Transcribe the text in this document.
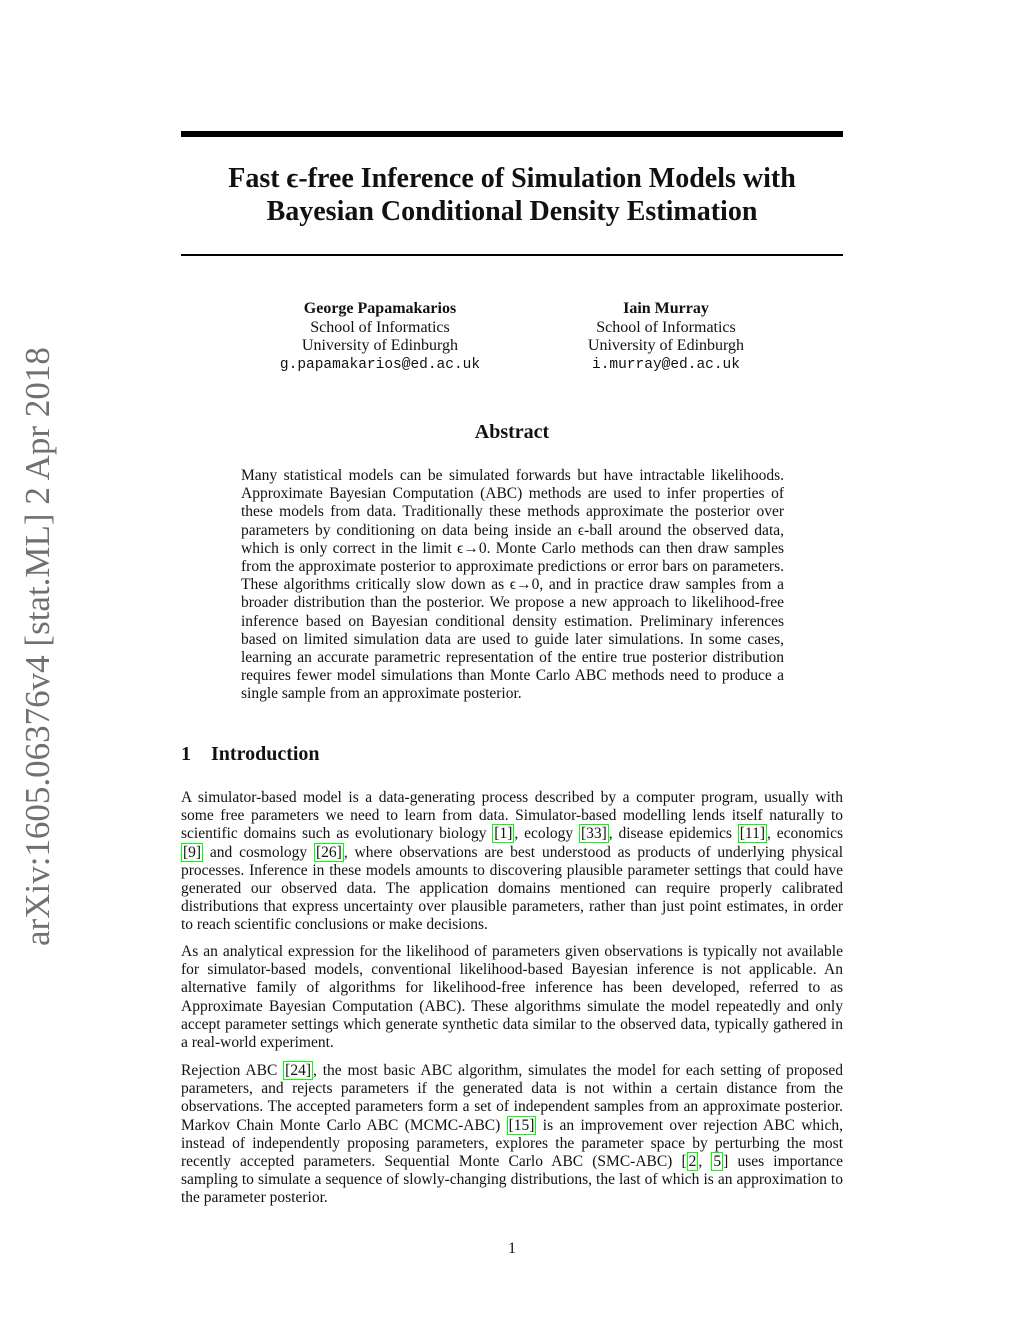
arXiv:1605.06376v4 [stat.ML] 2 Apr 2018
Fast ϵ-free Inference of Simulation Models with
Bayesian Conditional Density Estimation
George Papamakarios
School of Informatics
University of Edinburgh
g.papamakarios@ed.ac.uk
Iain Murray
School of Informatics
University of Edinburgh
i.murray@ed.ac.uk
Abstract

Many statistical models can be simulated forwards but have intractable likelihoods. Approximate Bayesian Computation (ABC) methods are used to infer properties of these models from data. Traditionally these methods approximate the posterior over parameters by conditioning on data being inside an ϵ-ball around the observed data, which is only correct in the limit ϵ→0. Monte Carlo methods can then draw samples from the approximate posterior to approximate predictions or error bars on parameters. These algorithms critically slow down as ϵ→0, and in practice draw samples from a broader distribution than the posterior. We propose a new approach to likelihood-free inference based on Bayesian conditional density estimation. Preliminary inferences based on limited simulation data are used to guide later simulations. In some cases, learning an accurate parametric representation of the entire true posterior distribution requires fewer model simulations than Monte Carlo ABC methods need to produce a single sample from an approximate posterior.

1 Introduction

A simulator-based model is a data-generating process described by a computer program, usually with some free parameters we need to learn from data. Simulator-based modelling lends itself naturally to scientific domains such as evolutionary biology [1] , ecology [33] , disease epidemics [11] , economics [9] and cosmology [26] , where observations are best understood as products of underlying physical processes. Inference in these models amounts to discovering plausible parameter settings that could have generated our observed data. The application domains mentioned can require properly calibrated distributions that express uncertainty over plausible parameters, rather than just point estimates, in order to reach scientific conclusions or make decisions.

As an analytical expression for the likelihood of parameters given observations is typically not available for simulator-based models, conventional likelihood-based Bayesian inference is not applicable. An alternative family of algorithms for likelihood-free inference has been developed, referred to as Approximate Bayesian Computation (ABC). These algorithms simulate the model repeatedly and only accept parameter settings which generate synthetic data similar to the observed data, typically gathered in a real-world experiment.

Rejection ABC [24] , the most basic ABC algorithm, simulates the model for each setting of proposed parameters, and rejects parameters if the generated data is not within a certain distance from the observations. The accepted parameters form a set of independent samples from an approximate posterior. Markov Chain Monte Carlo ABC (MCMC-ABC) [15] is an improvement over rejection ABC which, instead of independently proposing parameters, explores the parameter space by perturbing the most recently accepted parameters. Sequential Monte Carlo ABC (SMC-ABC) [ 2 , 5 ] uses importance sampling to simulate a sequence of slowly-changing distributions, the last of which is an approximation to the parameter posterior.

1
